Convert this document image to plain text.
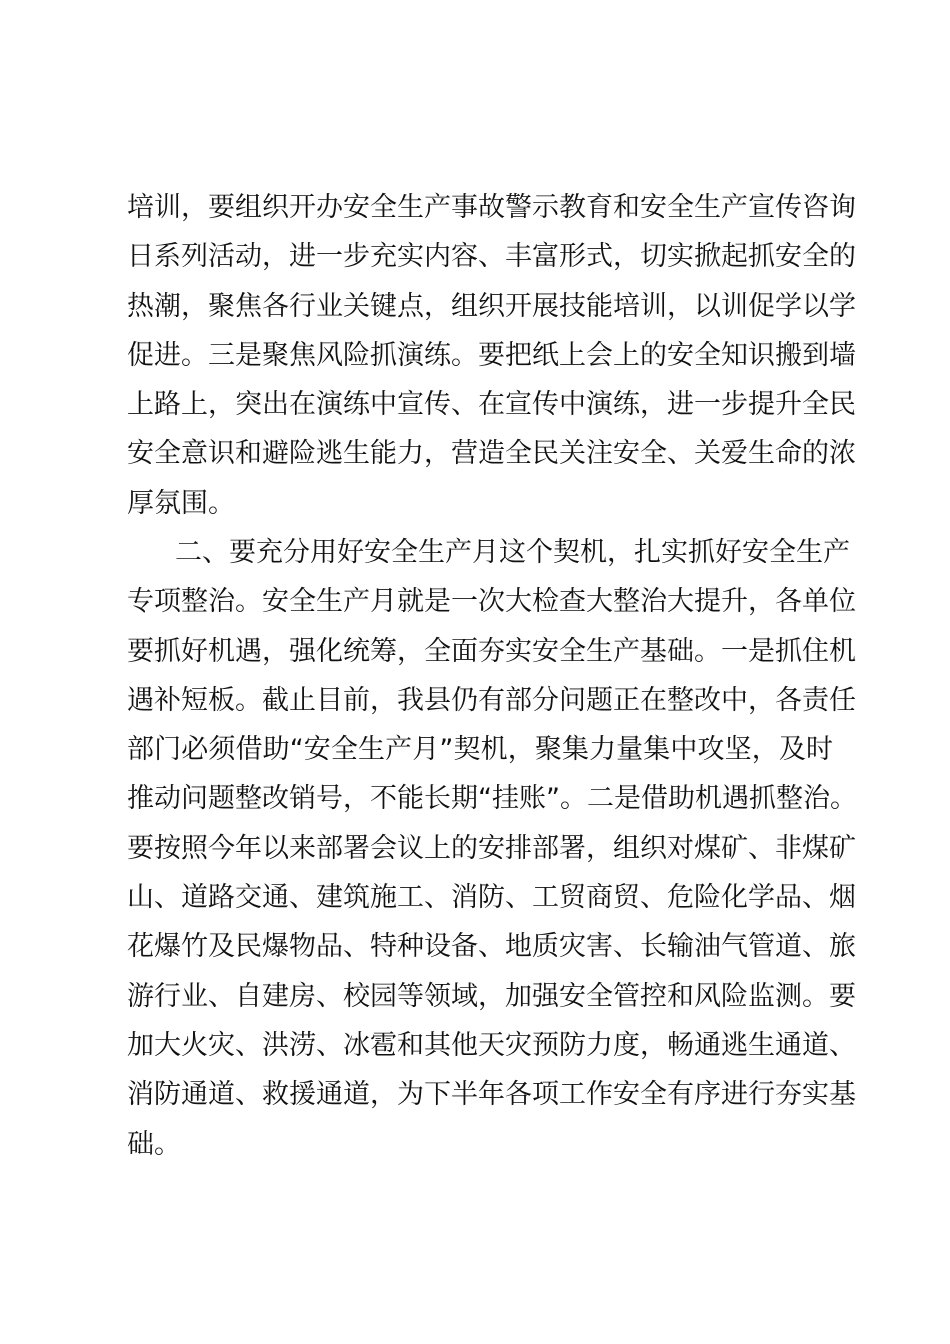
培训，要组织开办安全生产事故警示教育和安全生产宣传咨询
日系列活动，进一步充实内容、丰富形式，切实掀起抓安全的
热潮，聚焦各行业关键点，组织开展技能培训，以训促学以学
促进。三是聚焦风险抓演练。要把纸上会上的安全知识搬到墙
上路上，突出在演练中宣传、在宣传中演练，进一步提升全民
安全意识和避险逃生能力，营造全民关注安全、关爱生命的浓
厚氛围。
二、要充分用好安全生产月这个契机，扎实抓好安全生产
专项整治。安全生产月就是一次大检查大整治大提升，各单位
要抓好机遇，强化统筹，全面夯实安全生产基础。一是抓住机
遇补短板。截止目前，我县仍有部分问题正在整改中，各责任
部门必须借助“安全生产月”契机，聚集力量集中攻坚，及时
推动问题整改销号，不能长期“挂账”。二是借助机遇抓整治。
要按照今年以来部署会议上的安排部署，组织对煤矿、非煤矿
山、道路交通、建筑施工、消防、工贸商贸、危险化学品、烟
花爆竹及民爆物品、特种设备、地质灾害、长输油气管道、旅
游行业、自建房、校园等领域，加强安全管控和风险监测。要
加大火灾、洪涝、冰雹和其他天灾预防力度，畅通逃生通道、
消防通道、救援通道，为下半年各项工作安全有序进行夯实基
础。
